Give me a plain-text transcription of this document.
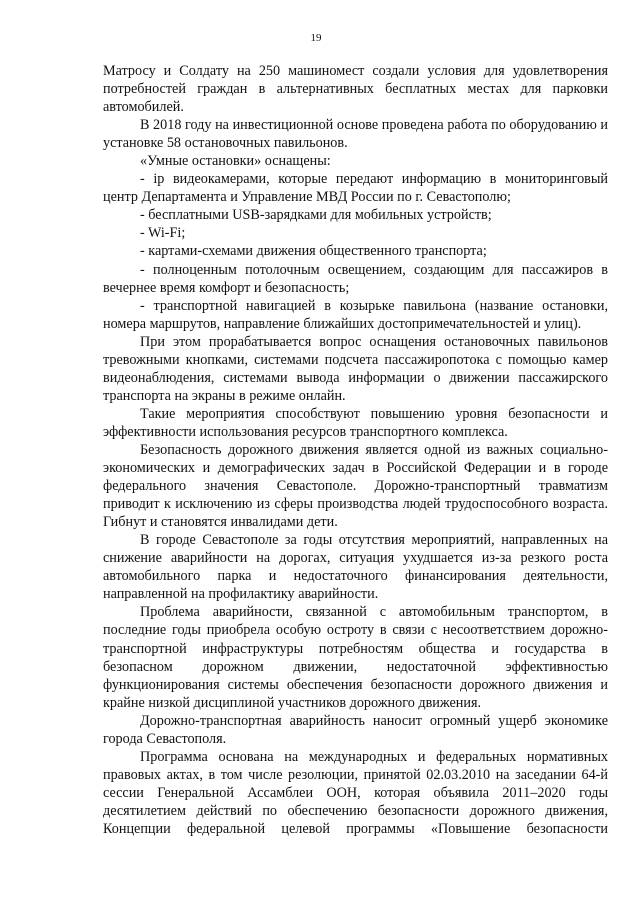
19

Матросу и Солдату на 250 машиномест создали условия для удовлетворения потребностей граждан в альтернативных бесплатных местах для парковки автомобилей.

В 2018 году на инвестиционной основе проведена работа по оборудованию и установке 58 остановочных павильонов.

«Умные остановки» оснащены:

- ip видеокамерами, которые передают информацию в мониторинговый центр Департамента и Управление МВД России по г. Севастополю;

- бесплатными USB-зарядками для мобильных устройств;

- Wi-Fi;

- картами-схемами движения общественного транспорта;

- полноценным потолочным освещением, создающим для пассажиров в вечернее время комфорт и безопасность;

- транспортной навигацией в козырьке павильона (название остановки, номера маршрутов, направление ближайших достопримечательностей и улиц).

При этом прорабатывается вопрос оснащения остановочных павильонов тревожными кнопками, системами подсчета пассажиропотока с помощью камер видеонаблюдения, системами вывода информации о движении пассажирского транспорта на экраны в режиме онлайн.

Такие мероприятия способствуют повышению уровня безопасности и эффективности использования ресурсов транспортного комплекса.

Безопасность дорожного движения является одной из важных социально-экономических и демографических задач в Российской Федерации и в городе федерального значения Севастополе. Дорожно-транспортный травматизм приводит к исключению из сферы производства людей трудоспособного возраста. Гибнут и становятся инвалидами дети.

В городе Севастополе за годы отсутствия мероприятий, направленных на снижение аварийности на дорогах, ситуация ухудшается из-за резкого роста автомобильного парка и недостаточного финансирования деятельности, направленной на профилактику аварийности.

Проблема аварийности, связанной с автомобильным транспортом, в последние годы приобрела особую остроту в связи с несоответствием дорожно-транспортной инфраструктуры потребностям общества и государства в безопасном дорожном движении, недостаточной эффективностью функционирования системы обеспечения безопасности дорожного движения и крайне низкой дисциплиной участников дорожного движения.

Дорожно-транспортная аварийность наносит огромный ущерб экономике города Севастополя.

Программа основана на международных и федеральных нормативных правовых актах, в том числе резолюции, принятой 02.03.2010 на заседании 64-й сессии Генеральной Ассамблеи ООН, которая объявила 2011–2020 годы десятилетием действий по обеспечению безопасности дорожного движения, Концепции федеральной целевой программы «Повышение безопасности
